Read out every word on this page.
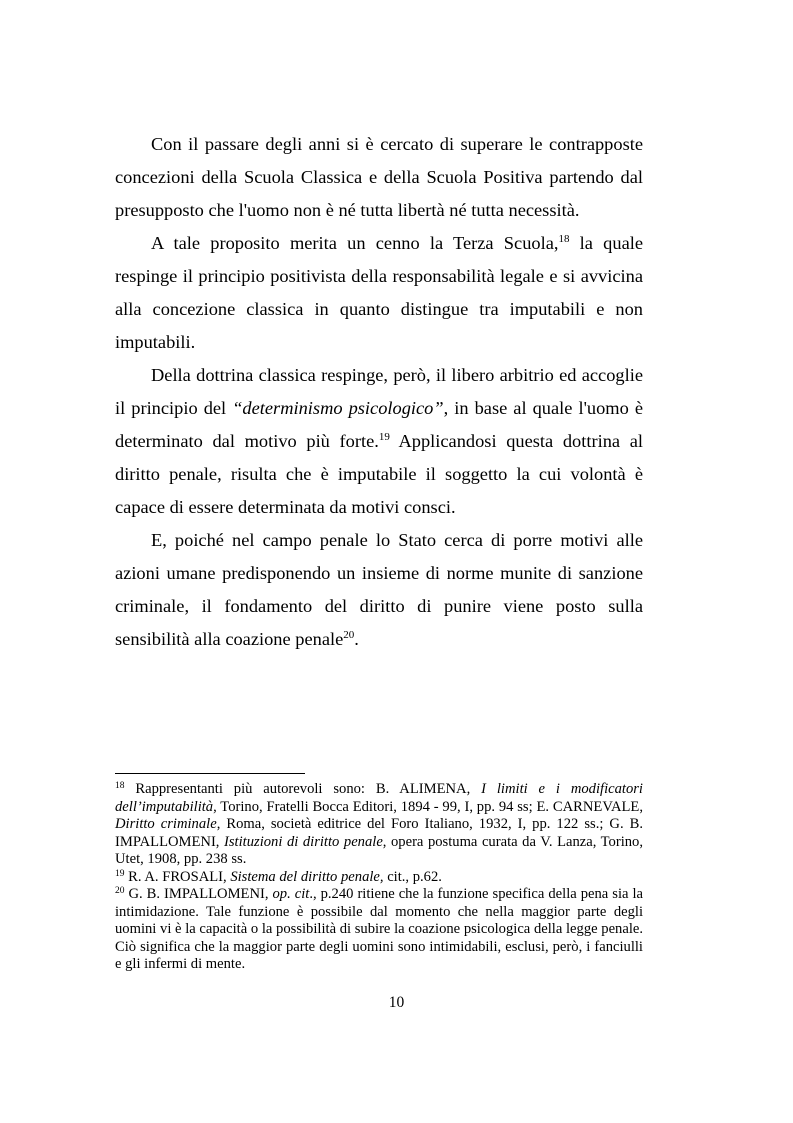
Con il passare degli anni si è cercato di superare le contrapposte concezioni della Scuola Classica e della Scuola Positiva partendo dal presupposto che l'uomo non è né tutta libertà né tutta necessità.

A tale proposito merita un cenno la Terza Scuola,$^{18}$ la quale respinge il principio positivista della responsabilità legale e si avvicina alla concezione classica in quanto distingue tra imputabili e non imputabili.

Della dottrina classica respinge, però, il libero arbitrio ed accoglie il principio del “determinismo psicologico”, in base al quale l'uomo è determinato dal motivo più forte.$^{19}$ Applicandosi questa dottrina al diritto penale, risulta che è imputabile il soggetto la cui volontà è capace di essere determinata da motivi consci.

E, poiché nel campo penale lo Stato cerca di porre motivi alle azioni umane predisponendo un insieme di norme munite di sanzione criminale, il fondamento del diritto di punire viene posto sulla sensibilità alla coazione penale$^{20}$.

$^{18}$ Rappresentanti più autorevoli sono: B. ALIMENA, I limiti e i modificatori dell’imputabilità, Torino, Fratelli Bocca Editori, 1894 - 99, I, pp. 94 ss; E. CARNEVALE, Diritto criminale, Roma, società editrice del Foro Italiano, 1932, I, pp. 122 ss.; G. B. IMPALLOMENI, Istituzioni di diritto penale, opera postuma curata da V. Lanza, Torino, Utet, 1908, pp. 238 ss.

$^{19}$ R. A. FROSALI, Sistema del diritto penale, cit., p.62.

$^{20}$ G. B. IMPALLOMENI, op. cit., p.240 ritiene che la funzione specifica della pena sia la intimidazione. Tale funzione è possibile dal momento che nella maggior parte degli uomini vi è la capacità o la possibilità di subire la coazione psicologica della legge penale. Ciò significa che la maggior parte degli uomini sono intimidabili, esclusi, però, i fanciulli e gli infermi di mente.

10
